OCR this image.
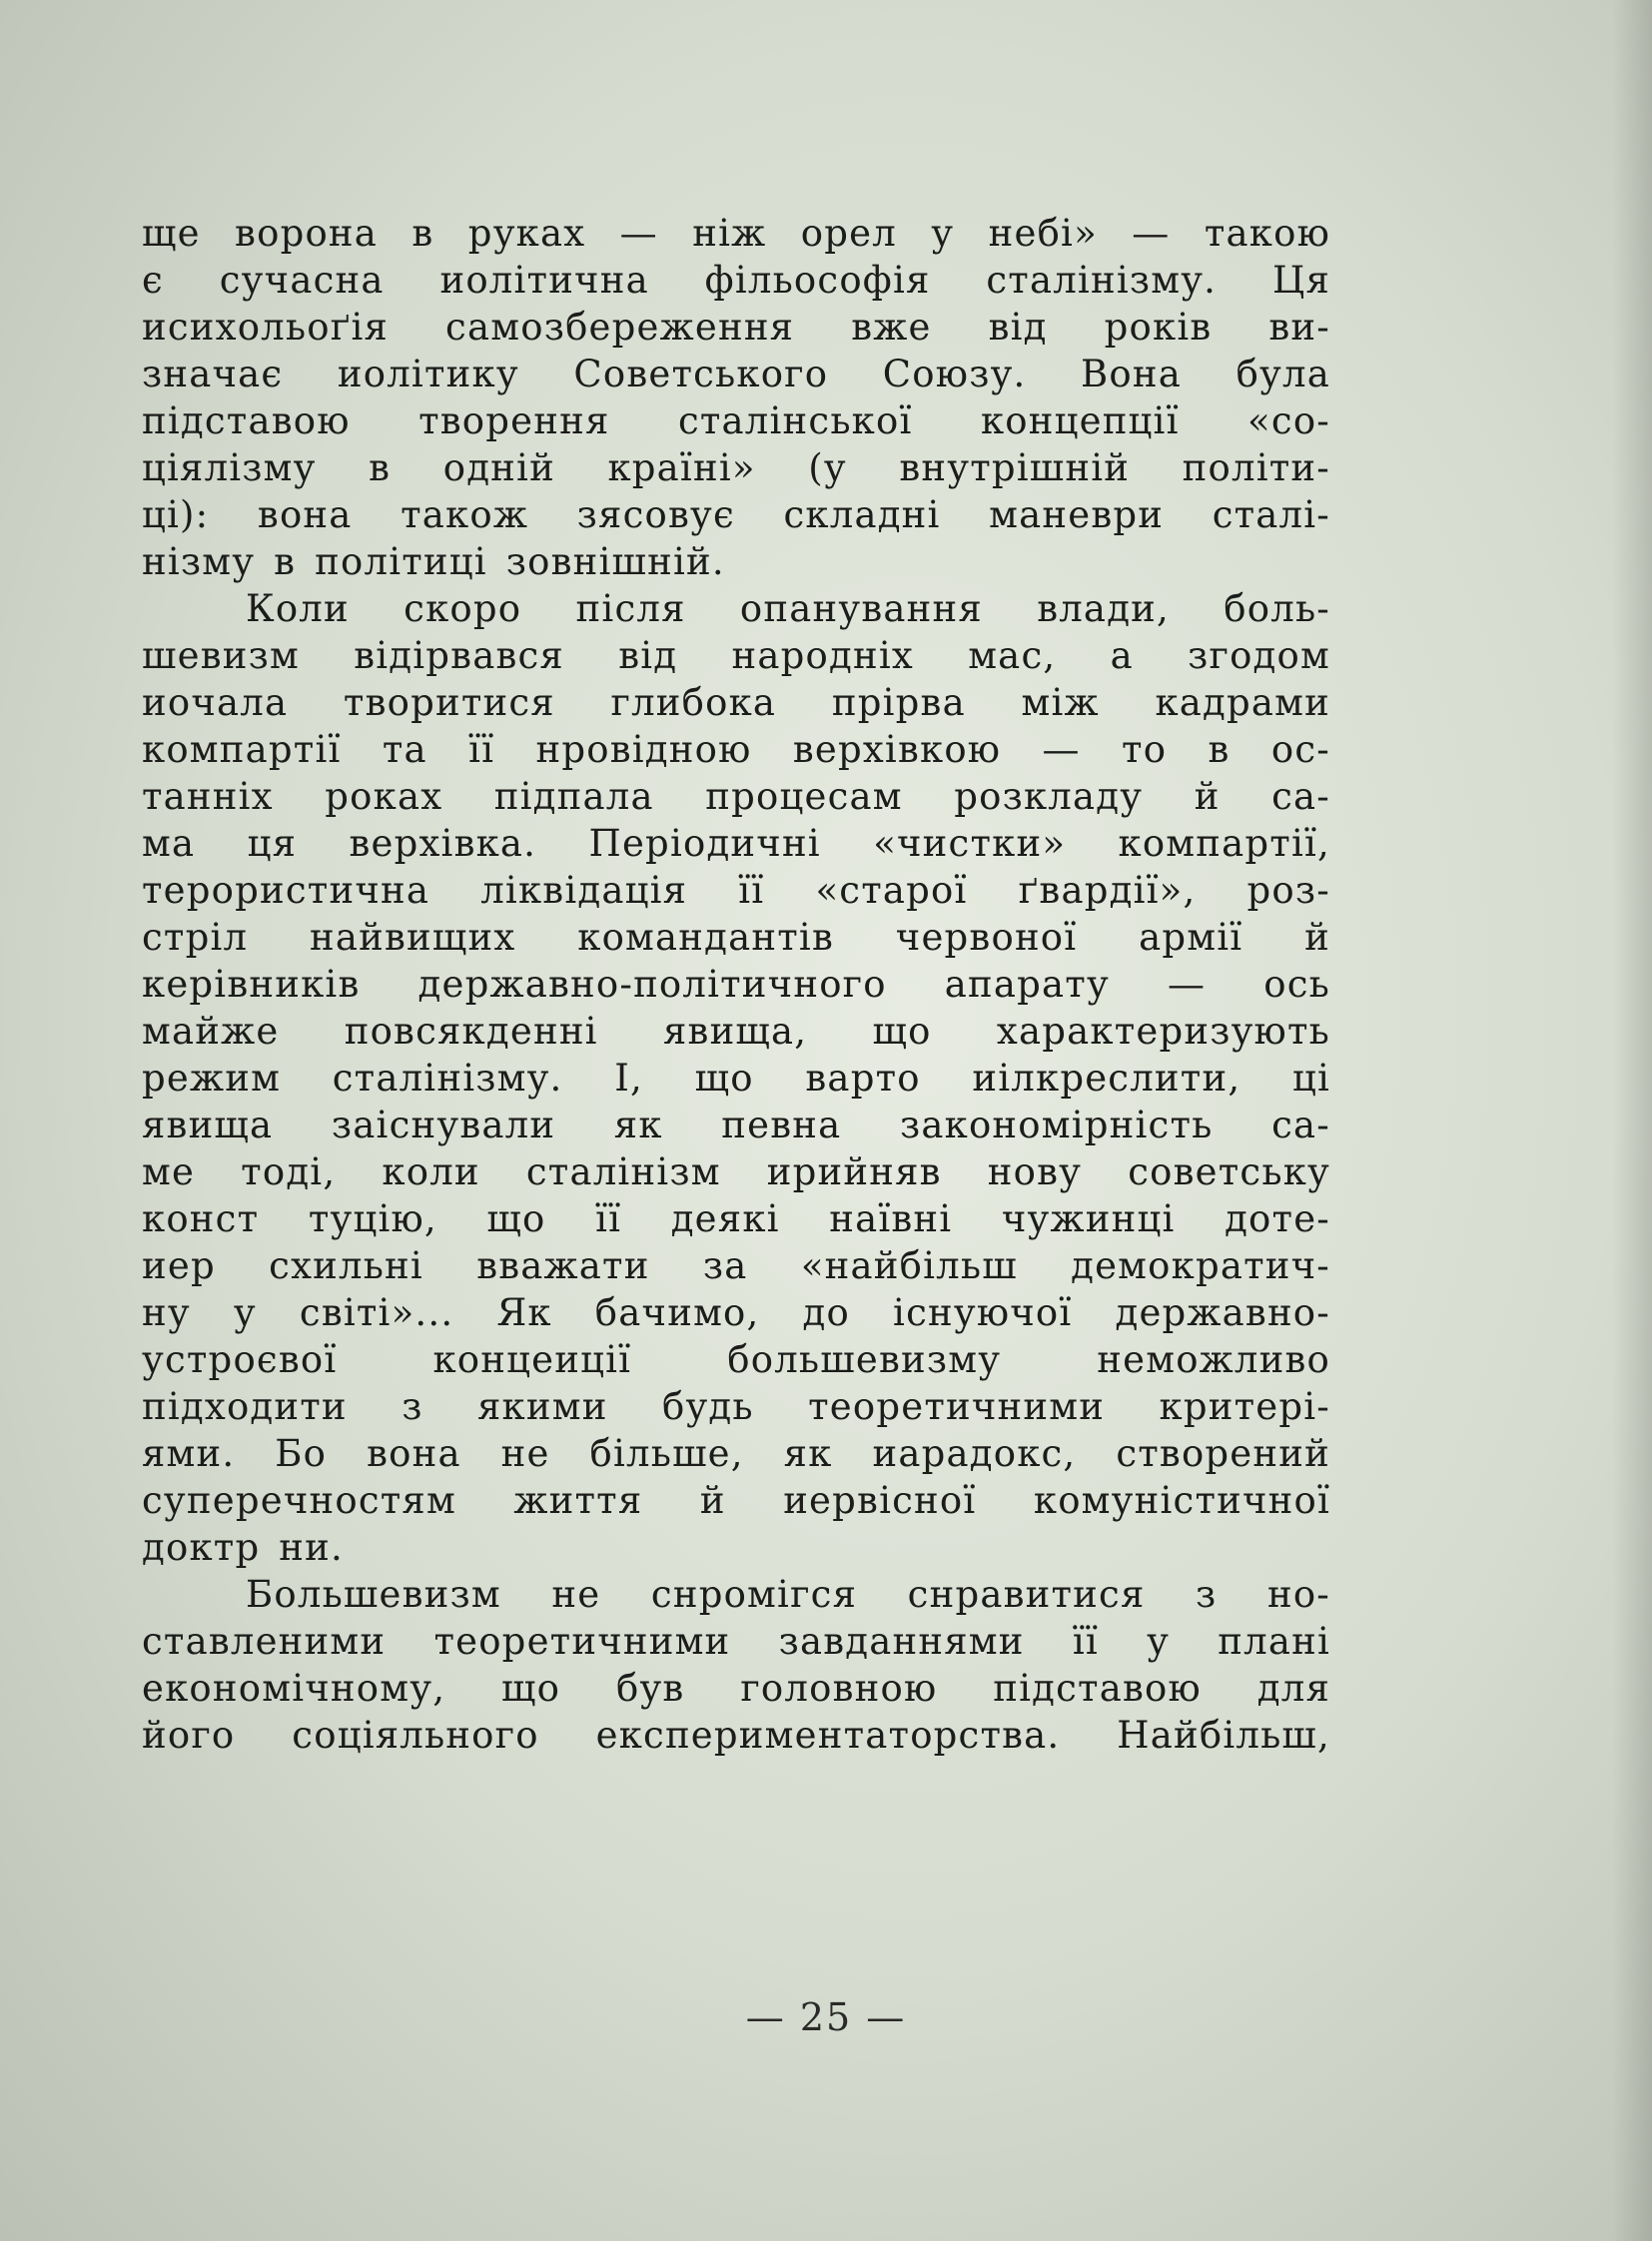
ще ворона в руках — ніж орел у небі» — такою
є сучасна иолітична фільософія сталінізму. Ця
исихольоґія самозбереження вже від років ви-
значає иолітику Советського Союзу. Вона була
підставою творення сталінської концепції «со-
ціялізму в одній країні» (у внутрішній політи-
ці): вона також зясовує складні маневри сталі-
нізму в політиці зовнішній.
Коли скоро після опанування влади, боль-
шевизм відірвався від народніх мас, а згодом
иочала творитися глибока прірва між кадрами
компартії та її нровідною верхівкою — то в ос-
танніх роках підпала процесам розкладу й са-
ма ця верхівка. Періодичні «чистки» компартії,
терористична ліквідація її «старої ґвардії», роз-
стріл найвищих командантів червоної армії й
керівників державно-політичного апарату — ось
майже повсякденні явища, що характеризують
режим сталінізму. І, що варто иілкреслити, ці
явища заіснували як певна закономірність са-
ме тоді, коли сталінізм ирийняв нову советську
конст туцію, що її деякі наївні чужинці доте-
иер схильні вважати за «найбільш демократич-
ну у світі»... Як бачимо, до існуючої державно-
устроєвої концеиції большевизму неможливо
підходити з якими будь теоретичними критері-
ями. Бо вона не більше, як иарадокс, створений
суперечностям життя й иервісної комуністичної
доктр ни.
Большевизм не снромігся снравитися з но-
ставленими теоретичними завданнями її у плані
економічному, що був головною підставою для
його соціяльного експериментаторства. Найбільш,
— 25 —
